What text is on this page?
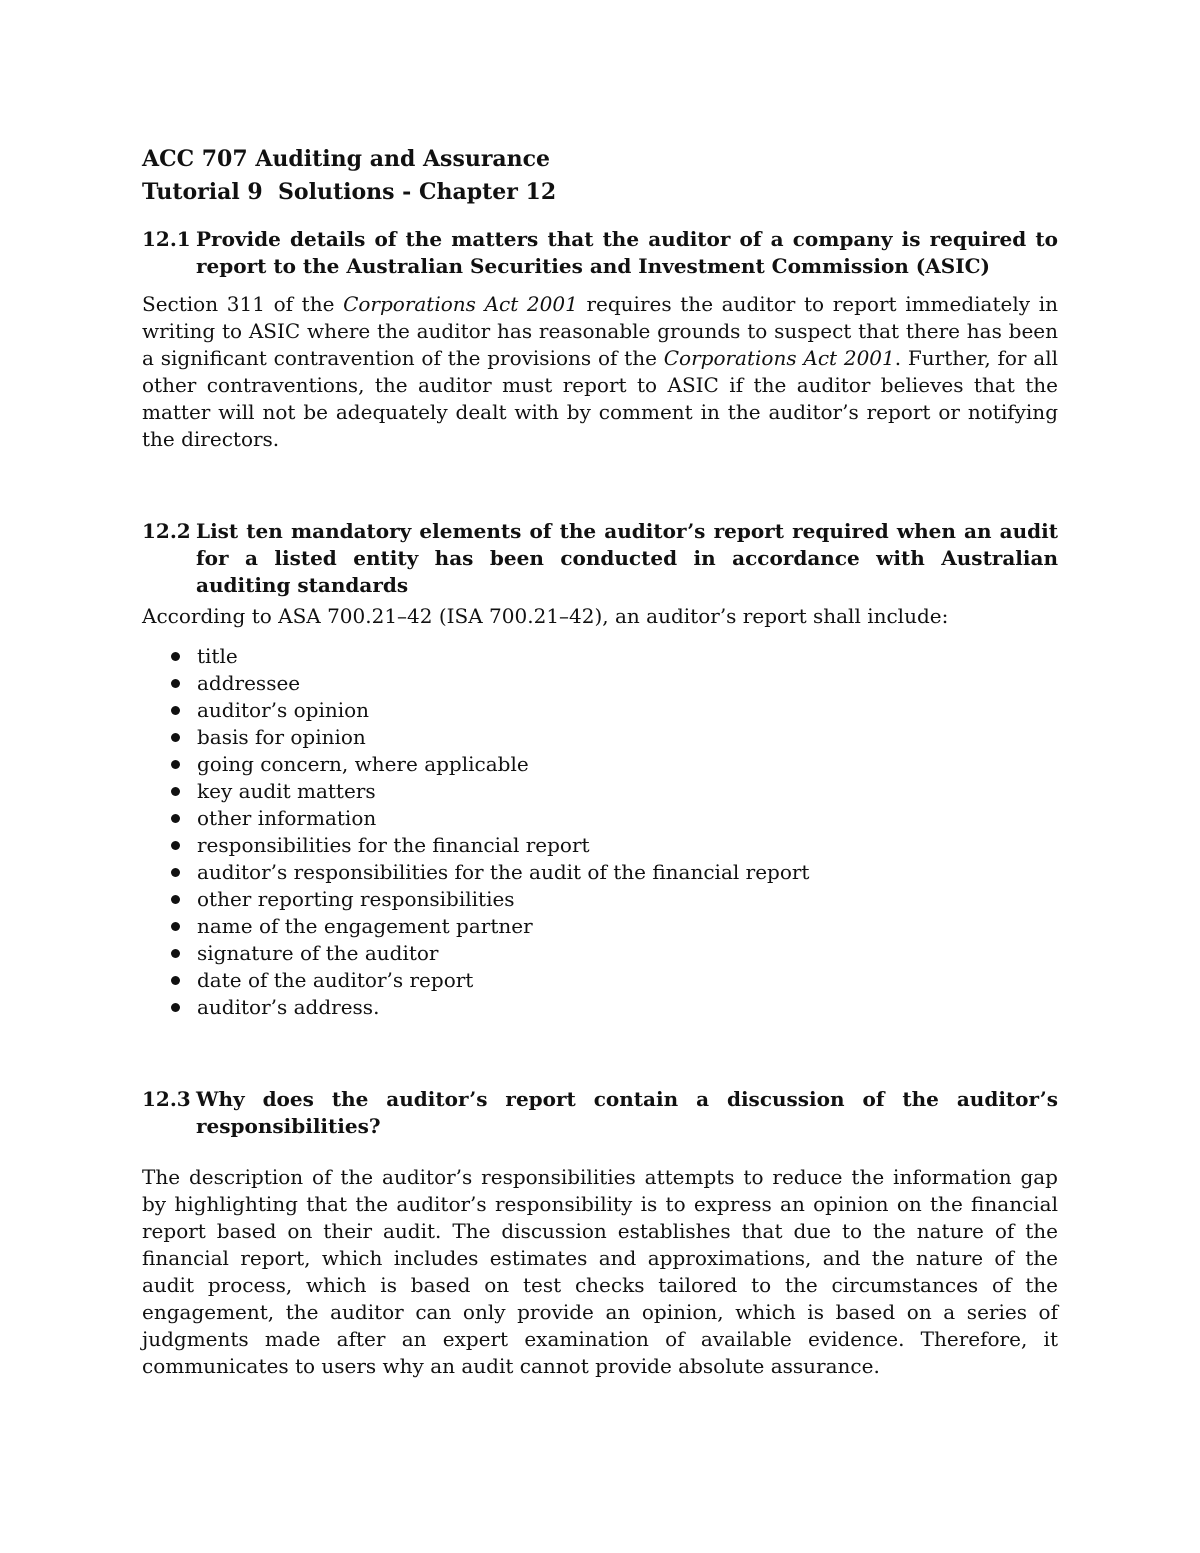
ACC 707 Auditing and Assurance

Tutorial 9  Solutions - Chapter 12

12.1 Provide details of the matters that the auditor of a company is required to report to the Australian Securities and Investment Commission (ASIC)

Section 311 of the Corporations Act 2001 requires the auditor to report immediately in writing to ASIC where the auditor has reasonable grounds to suspect that there has been a significant contravention of the provisions of the Corporations Act 2001. Further, for all other contraventions, the auditor must report to ASIC if the auditor believes that the matter will not be adequately dealt with by comment in the auditor’s report or notifying the directors.

12.2 List ten mandatory elements of the auditor’s report required when an audit for a listed entity has been conducted in accordance with Australian auditing standards

According to ASA 700.21–42 (ISA 700.21–42), an auditor’s report shall include:

title
addressee
auditor’s opinion
basis for opinion
going concern, where applicable
key audit matters
other information
responsibilities for the financial report
auditor’s responsibilities for the audit of the financial report
other reporting responsibilities
name of the engagement partner
signature of the auditor
date of the auditor’s report
auditor’s address.
12.3 Why does the auditor’s report contain a discussion of the auditor’s responsibilities?

The description of the auditor’s responsibilities attempts to reduce the information gap by highlighting that the auditor’s responsibility is to express an opinion on the financial report based on their audit. The discussion establishes that due to the nature of the financial report, which includes estimates and approximations, and the nature of the audit process, which is based on test checks tailored to the circumstances of the engagement, the auditor can only provide an opinion, which is based on a series of judgments made after an expert examination of available evidence. Therefore, it communicates to users why an audit cannot provide absolute assurance.
